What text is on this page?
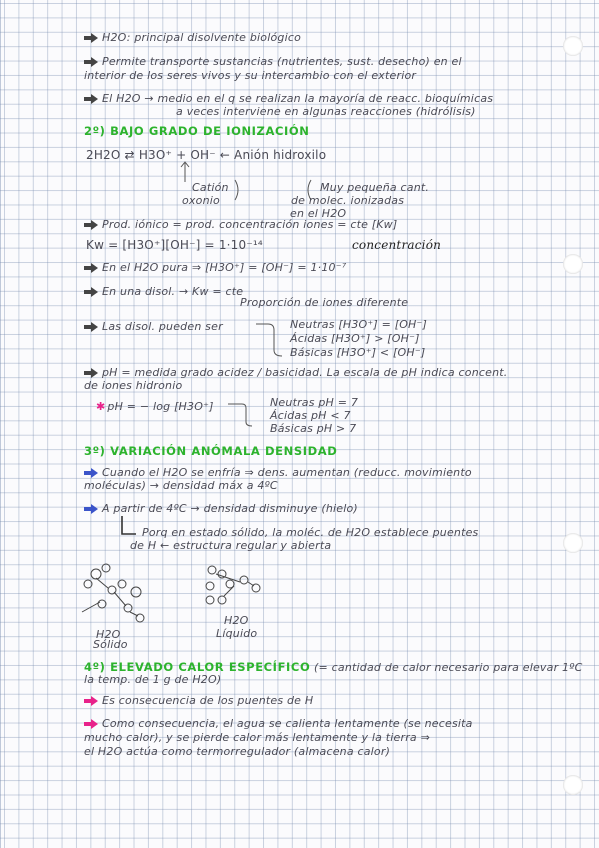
H2O: principal disolvente biológico
Permite transporte sustancias (nutrientes, sust. desecho) en el
interior de los seres vivos y su intercambio con el exterior
El H2O → medio en el q se realizan la mayoría de reacc. bioquímicas
a veces interviene en algunas reacciones (hidrólisis)
2º) BAJO GRADO DE IONIZACIÓN
2H2O ⇄ H3O⁺ + OH⁻ ← Anión hidroxilo
Catión
oxonio
Muy pequeña cant.
de molec. ionizadas
en el H2O
Prod. iónico = prod. concentración iones = cte [Kw]
Kw = [H3O⁺][OH⁻] = 1·10⁻¹⁴	concentración
En el H2O pura ⇒ [H3O⁺] = [OH⁻] = 1·10⁻⁷
En una disol. → Kw = cte
Proporción de iones diferente
Las disol. pueden ser	Neutras [H3O⁺] = [OH⁻]
Ácidas [H3O⁺] > [OH⁻]
Básicas [H3O⁺] < [OH⁻]
pH = medida grado acidez / basicidad. La escala de pH indica concent.
de iones hidronio
✱ pH = − log [H3O⁺]	Neutras pH = 7
Ácidas pH < 7
Básicas pH > 7
3º) VARIACIÓN ANÓMALA DENSIDAD
Cuando el H2O se enfría ⇒ dens. aumentan (reducc. movimiento
moléculas) → densidad máx a 4ºC
A partir de 4ºC → densidad disminuye (hielo)
Porq en estado sólido, la moléc. de H2O establece puentes
de H ← estructura regular y abierta
H2O
Sólido
H2O
Líquido
4º) ELEVADO CALOR ESPECÍFICO (= cantidad de calor necesario para elevar 1ºC
la temp. de 1 g de H2O)
Es consecuencia de los puentes de H
Como consecuencia, el agua se calienta lentamente (se necesita
mucho calor), y se pierde calor más lentamente y la tierra ⇒
el H2O actúa como termorregulador (almacena calor)
